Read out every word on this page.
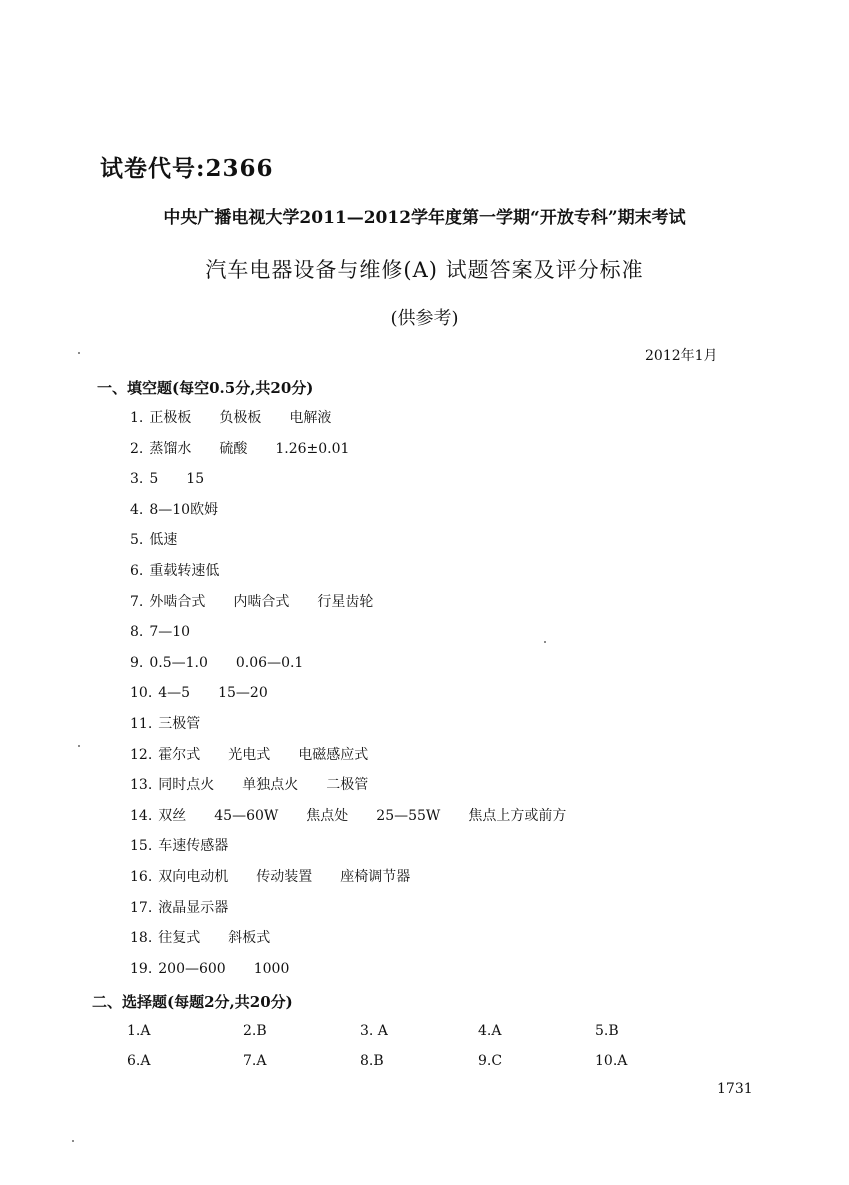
试卷代号:2366
中央广播电视大学2011—2012学年度第一学期“开放专科”期末考试
汽车电器设备与维修(A) 试题答案及评分标准
(供参考)
2012年1月
一、填空题(每空0.5分,共20分)
1. 正极板 负极板 电解液
2. 蒸馏水 硫酸 1.26±0.01
3. 5 15
4. 8—10欧姆
5. 低速
6. 重载转速低
7. 外啮合式 内啮合式 行星齿轮
8. 7—10
9. 0.5—1.0 0.06—0.1
10. 4—5 15—20
11. 三极管
12. 霍尔式 光电式 电磁感应式
13. 同时点火 单独点火 二极管
14. 双丝 45—60W 焦点处 25—55W 焦点上方或前方
15. 车速传感器
16. 双向电动机 传动装置 座椅调节器
17. 液晶显示器
18. 往复式 斜板式
19. 200—600 1000
二、选择题(每题2分,共20分)
1.A	2.B	3. A	4.A	5.B
6.A	7.A	8.B	9.C	10.A
1731
